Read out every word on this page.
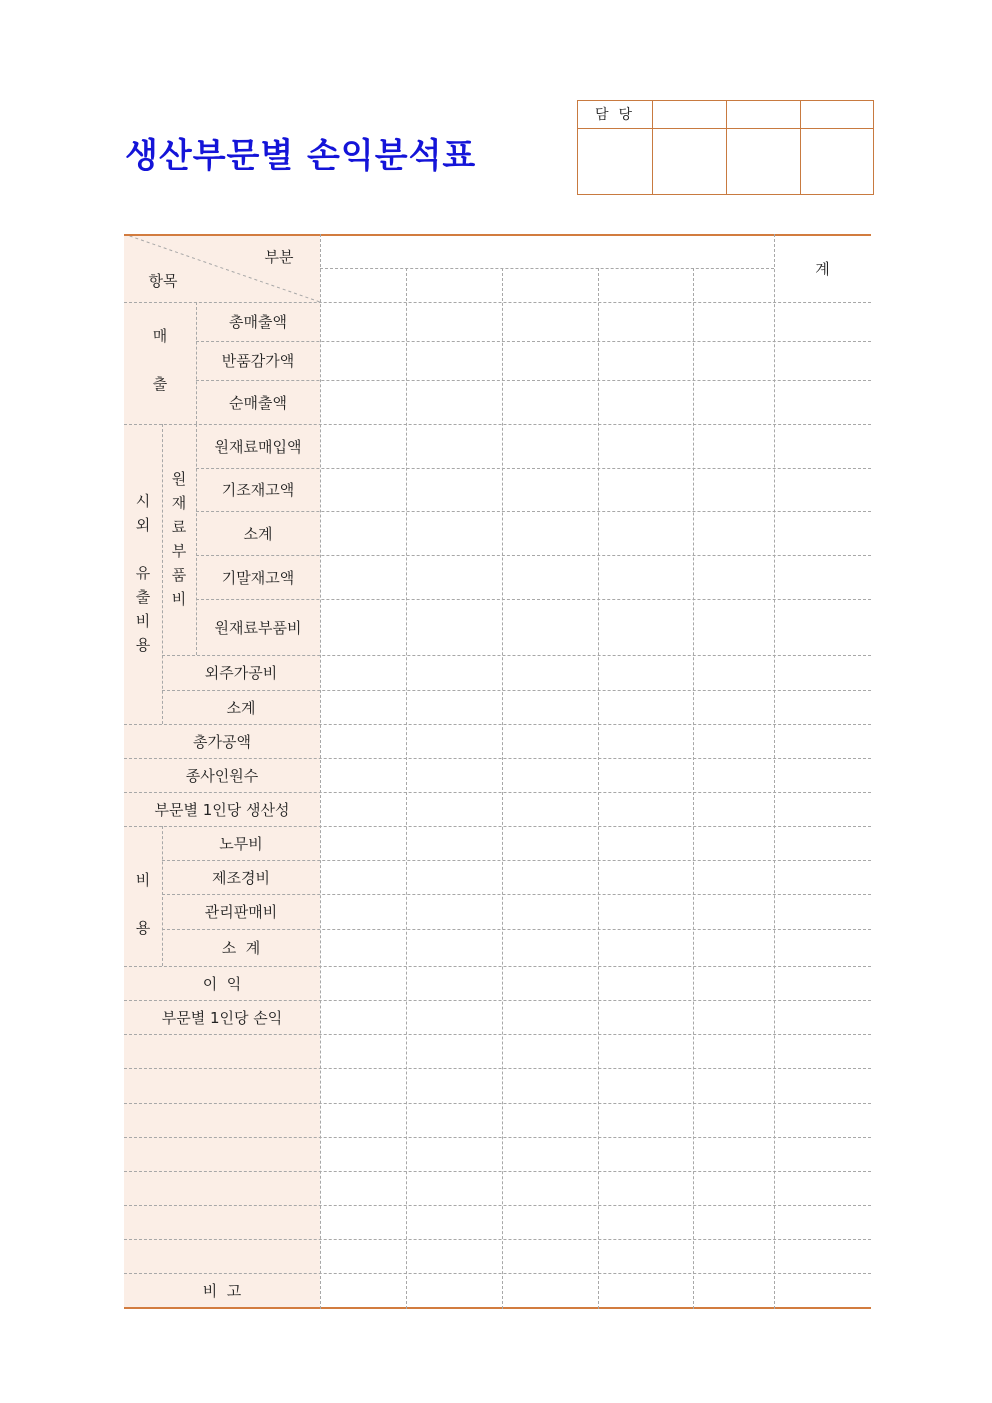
생산부문별 손익분석표
담당
부분
항목
계
매
출
총매출액
반품감가액
순매출액
시
외
유
출
비
용
원
재
료
부
품
비
원재료매입액
기조재고액
소계
기말재고액
원재료부품비
외주가공비
소계
총가공액
종사인원수
부문별 1인당 생산성
비
용
노무비
제조경비
관리판매비
소  계
이  익
부문별 1인당 손익
비  고
